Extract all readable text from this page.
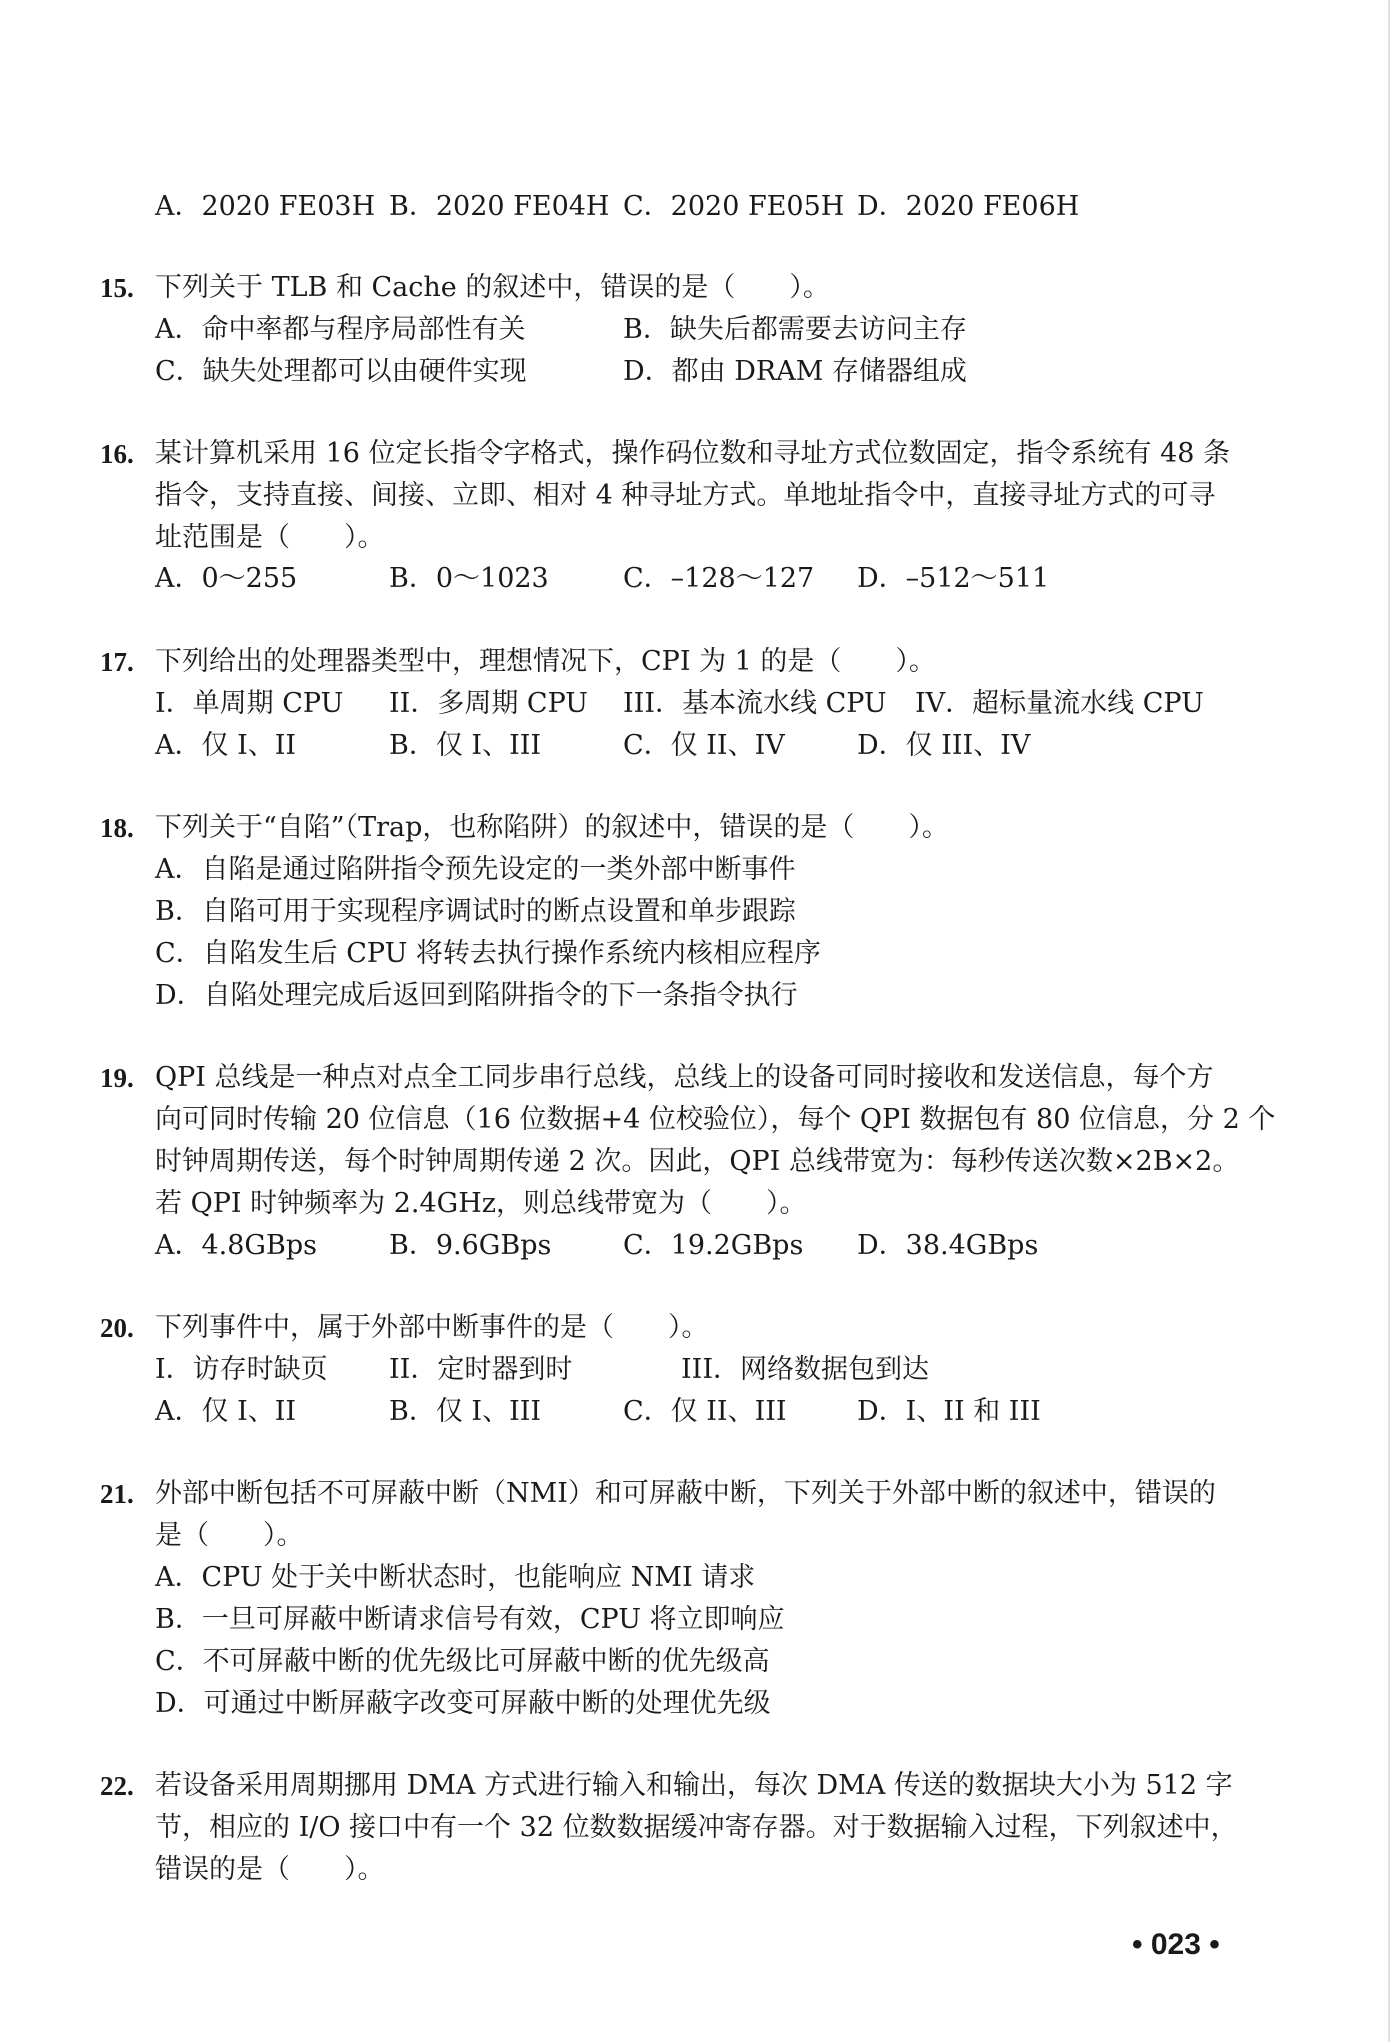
A．2020 FE03H B．2020 FE04H C．2020 FE05H D．2020 FE06H
15. 下列关于 TLB 和 Cache 的叙述中，错误的是（　　）。
A．命中率都与程序局部性有关	B．缺失后都需要去访问主存
C．缺失处理都可以由硬件实现	D．都由 DRAM 存储器组成
16. 某计算机采用 16 位定长指令字格式，操作码位数和寻址方式位数固定，指令系统有 48 条
指令，支持直接、间接、立即、相对 4 种寻址方式。单地址指令中，直接寻址方式的可寻
址范围是（　　）。
A．0～255	B．0～1023	C．–128～127 D．–512～511
17. 下列给出的处理器类型中，理想情况下，CPI 为 1 的是（　　）。
I．单周期 CPU II．多周期 CPU III．基本流水线 CPU IV．超标量流水线 CPU
A．仅 I、II	B．仅 I、III	C．仅 II、IV	D．仅 III、IV
18. 下列关于“自陷”（Trap，也称陷阱）的叙述中，错误的是（　　）。
A．自陷是通过陷阱指令预先设定的一类外部中断事件
B．自陷可用于实现程序调试时的断点设置和单步跟踪
C．自陷发生后 CPU 将转去执行操作系统内核相应程序
D．自陷处理完成后返回到陷阱指令的下一条指令执行
19. QPI 总线是一种点对点全工同步串行总线，总线上的设备可同时接收和发送信息，每个方
向可同时传输 20 位信息（16 位数据+4 位校验位），每个 QPI 数据包有 80 位信息，分 2 个
时钟周期传送，每个时钟周期传递 2 次。因此，QPI 总线带宽为：每秒传送次数×2B×2。
若 QPI 时钟频率为 2.4GHz，则总线带宽为（　　）。
A．4.8GBps	B．9.6GBps	C．19.2GBps D．38.4GBps
20. 下列事件中，属于外部中断事件的是（　　）。
I．访存时缺页 II．定时器到时	III．网络数据包到达
A．仅 I、II	B．仅 I、III	C．仅 II、III	D．I、II 和 III
21. 外部中断包括不可屏蔽中断（NMI）和可屏蔽中断，下列关于外部中断的叙述中，错误的
是（　　）。
A．CPU 处于关中断状态时，也能响应 NMI 请求
B．一旦可屏蔽中断请求信号有效，CPU 将立即响应
C．不可屏蔽中断的优先级比可屏蔽中断的优先级高
D．可通过中断屏蔽字改变可屏蔽中断的处理优先级
22. 若设备采用周期挪用 DMA 方式进行输入和输出，每次 DMA 传送的数据块大小为 512 字
节，相应的 I/O 接口中有一个 32 位数数据缓冲寄存器。对于数据输入过程，下列叙述中，
错误的是（　　）。
• 023 •
